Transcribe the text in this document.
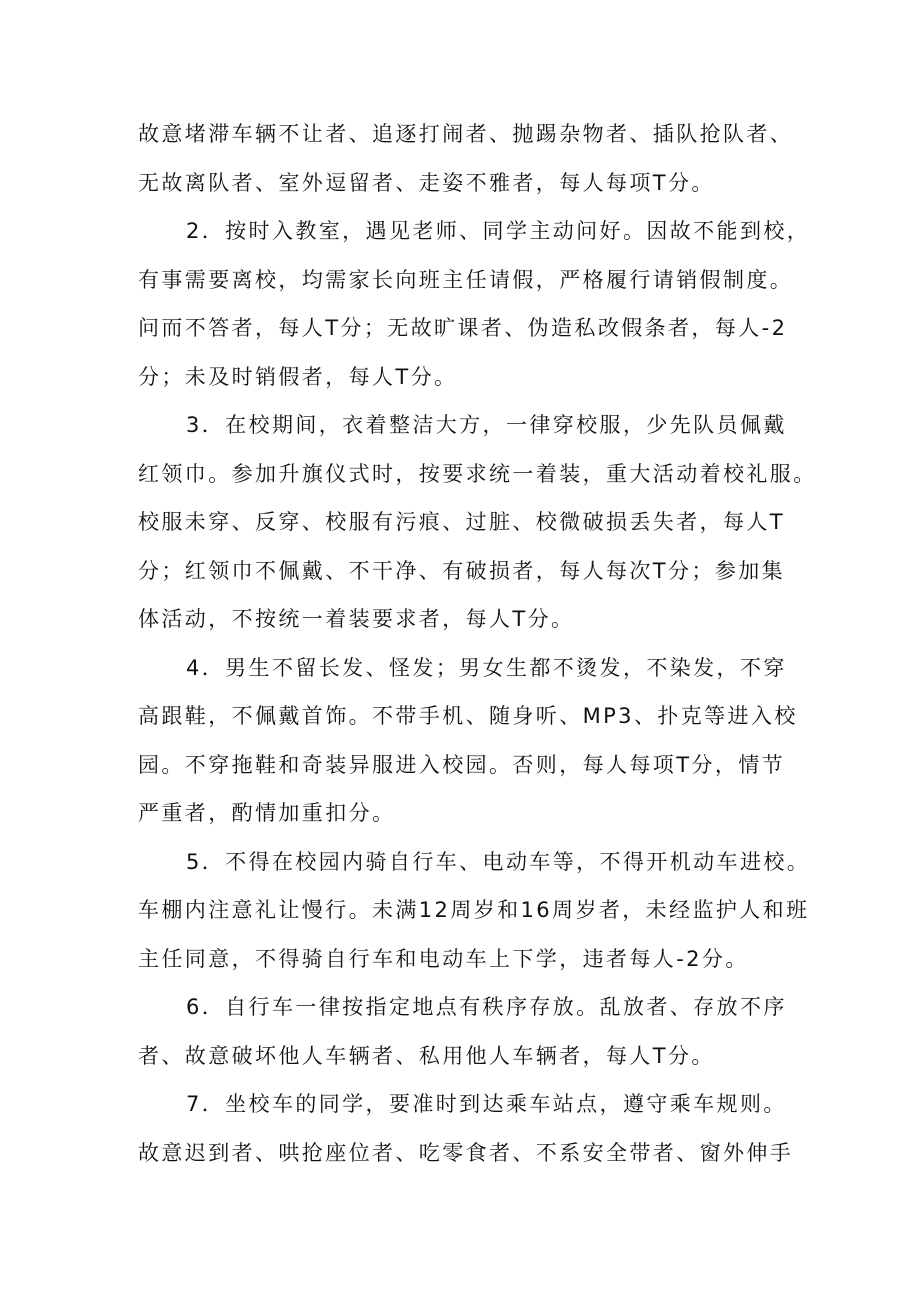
故意堵滞车辆不让者、追逐打闹者、抛踢杂物者、插队抢队者、
无故离队者、室外逗留者、走姿不雅者，每人每项T分。
2．按时入教室，遇见老师、同学主动问好。因故不能到校，
有事需要离校，均需家长向班主任请假，严格履行请销假制度。
问而不答者，每人T分；无故旷课者、伪造私改假条者，每人-2
分；未及时销假者，每人T分。
3．在校期间，衣着整洁大方，一律穿校服，少先队员佩戴
红领巾。参加升旗仪式时，按要求统一着装，重大活动着校礼服。
校服未穿、反穿、校服有污痕、过脏、校微破损丢失者，每人T
分；红领巾不佩戴、不干净、有破损者，每人每次T分；参加集
体活动，不按统一着装要求者，每人T分。
4．男生不留长发、怪发；男女生都不烫发，不染发，不穿
高跟鞋，不佩戴首饰。不带手机、随身听、MP3、扑克等进入校
园。不穿拖鞋和奇装异服进入校园。否则，每人每项T分，情节
严重者，酌情加重扣分。
5．不得在校园内骑自行车、电动车等，不得开机动车进校。
车棚内注意礼让慢行。未满12周岁和16周岁者，未经监护人和班
主任同意，不得骑自行车和电动车上下学，违者每人-2分。
6．自行车一律按指定地点有秩序存放。乱放者、存放不序
者、故意破坏他人车辆者、私用他人车辆者，每人T分。
7．坐校车的同学，要准时到达乘车站点，遵守乘车规则。
故意迟到者、哄抢座位者、吃零食者、不系安全带者、窗外伸手
